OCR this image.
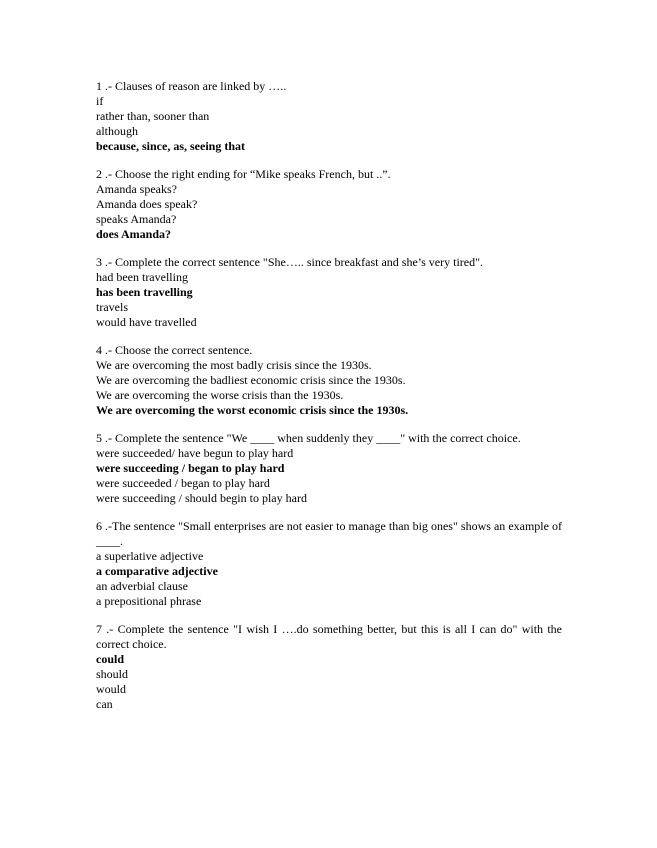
1 .- Clauses of reason are linked by …..

if

rather than, sooner than

although

because, since, as, seeing that

2 .- Choose the right ending for “Mike speaks French, but ..”.

Amanda speaks?

Amanda does speak?

speaks Amanda?

does Amanda?

3 .- Complete the correct sentence "She….. since breakfast and she’s very tired".

had been travelling

has been travelling

travels

would have travelled

4 .- Choose the correct sentence.

We are overcoming the most badly crisis since the 1930s.

We are overcoming the badliest economic crisis since the 1930s.

We are overcoming the worse crisis than the 1930s.

We are overcoming the worst economic crisis since the 1930s.

5 .- Complete the sentence "We ____ when suddenly they ____" with the correct choice.

were succeeded/ have begun to play hard

were succeeding / began to play hard

were succeeded / began to play hard

were succeeding / should begin to play hard

6 .-The sentence "Small enterprises are not easier to manage than big ones" shows an example of ____.

a superlative adjective

a comparative adjective

an adverbial clause

a prepositional phrase

7 .- Complete the sentence "I wish I ….do something better, but this is all I can do" with the correct choice.

could

should

would

can
